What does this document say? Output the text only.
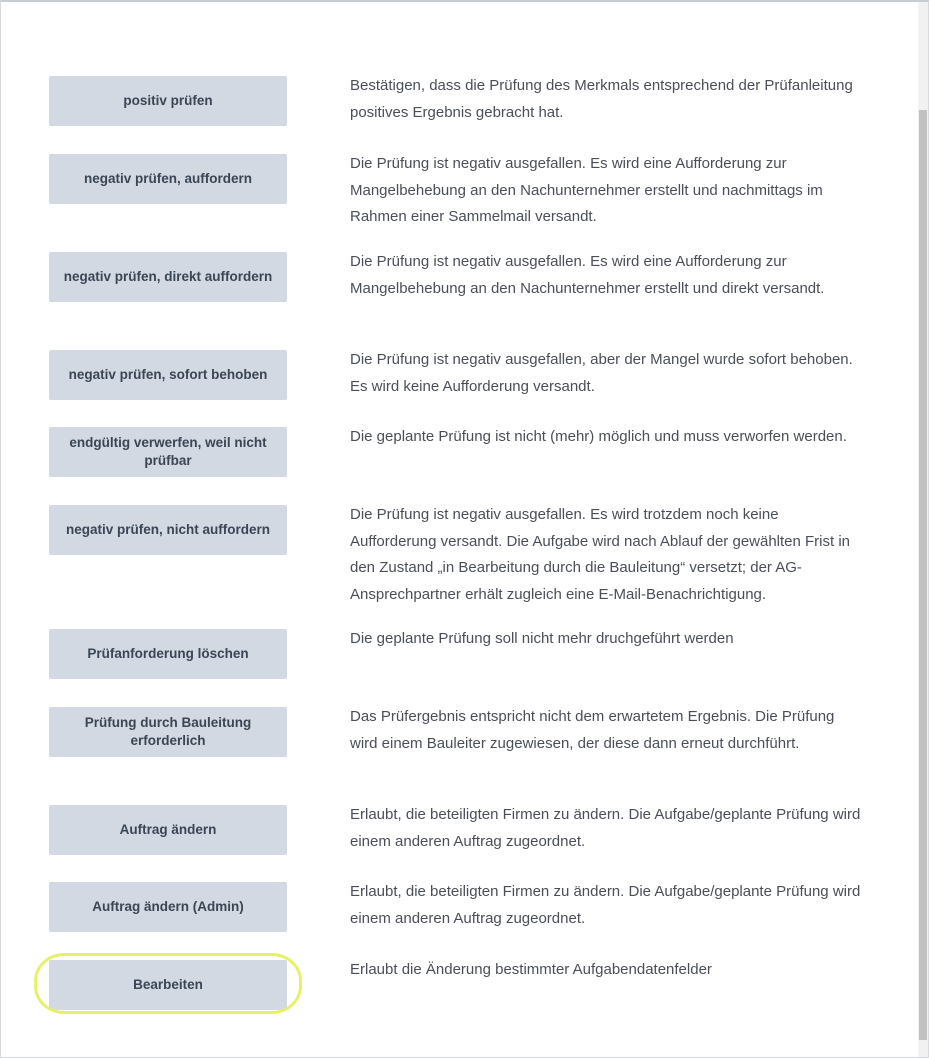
positiv prüfen

Bestätigen, dass die Prüfung des Merkmals entsprechend der Prüfanleitung positives Ergebnis gebracht hat.

negativ prüfen, auffordern

Die Prüfung ist negativ ausgefallen. Es wird eine Aufforderung zur Mangelbehebung an den Nachunternehmer erstellt und nachmittags im Rahmen einer Sammelmail versandt.

negativ prüfen, direkt auffordern

Die Prüfung ist negativ ausgefallen. Es wird eine Aufforderung zur Mangelbehebung an den Nachunternehmer erstellt und direkt versandt.

negativ prüfen, sofort behoben

Die Prüfung ist negativ ausgefallen, aber der Mangel wurde sofort behoben. Es wird keine Aufforderung versandt.

endgültig verwerfen, weil nicht prüfbar

Die geplante Prüfung ist nicht (mehr) möglich und muss verworfen werden.

negativ prüfen, nicht auffordern

Die Prüfung ist negativ ausgefallen. Es wird trotzdem noch keine Aufforderung versandt. Die Aufgabe wird nach Ablauf der gewählten Frist in den Zustand „in Bearbeitung durch die Bauleitung“ versetzt; der AG-Ansprechpartner erhält zugleich eine E-Mail-Benachrichtigung.

Prüfanforderung löschen

Die geplante Prüfung soll nicht mehr druchgeführt werden

Prüfung durch Bauleitung erforderlich

Das Prüfergebnis entspricht nicht dem erwartetem Ergebnis. Die Prüfung wird einem Bauleiter zugewiesen, der diese dann erneut durchführt.

Auftrag ändern

Erlaubt, die beteiligten Firmen zu ändern. Die Aufgabe/geplante Prüfung wird einem anderen Auftrag zugeordnet.

Auftrag ändern (Admin)

Erlaubt, die beteiligten Firmen zu ändern. Die Aufgabe/geplante Prüfung wird einem anderen Auftrag zugeordnet.

Bearbeiten

Erlaubt die Änderung bestimmter Aufgabendatenfelder
